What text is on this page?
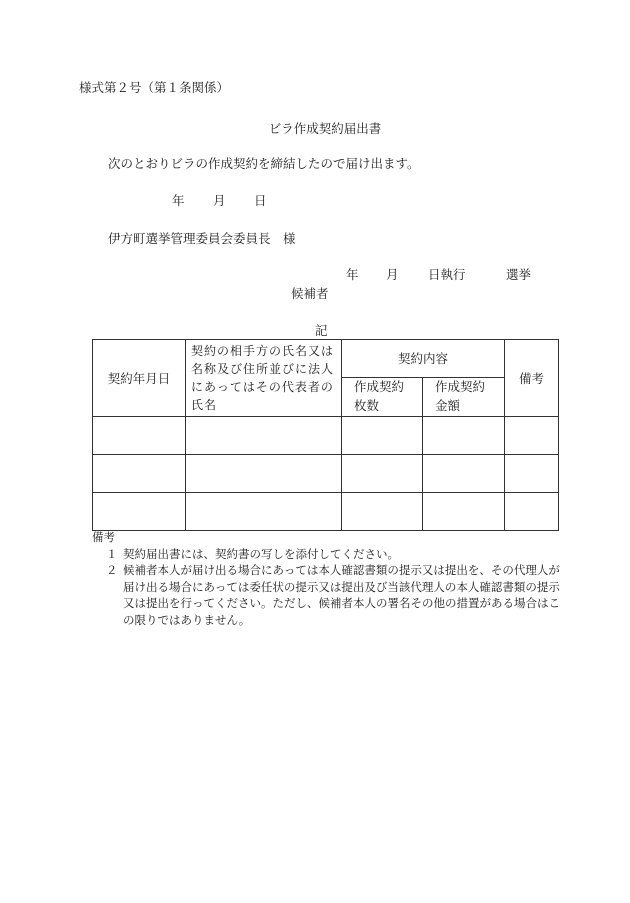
様式第２号（第１条関係）
ビラ作成契約届出書
次のとおりビラの作成契約を締結したので届け出ます。
年 月 日
伊方町選挙管理委員会委員長　様
年 月 日執行	選挙
候補者
記
契約年月日	契約の相手方の氏名又は名称及び住所並びに法人にあってはその代表者の氏名	契約内容		備考
		作成契約枚数	作成契約金額	

備考
１ 契約届出書には、契約書の写しを添付してください。
２ 候補者本人が届け出る場合にあっては本人確認書類の提示又は提出を、その代理人が届け出る場合にあっては委任状の提示又は提出及び当該代理人の本人確認書類の提示又は提出を行ってください。ただし、候補者本人の署名その他の措置がある場合はこの限りではありません。
